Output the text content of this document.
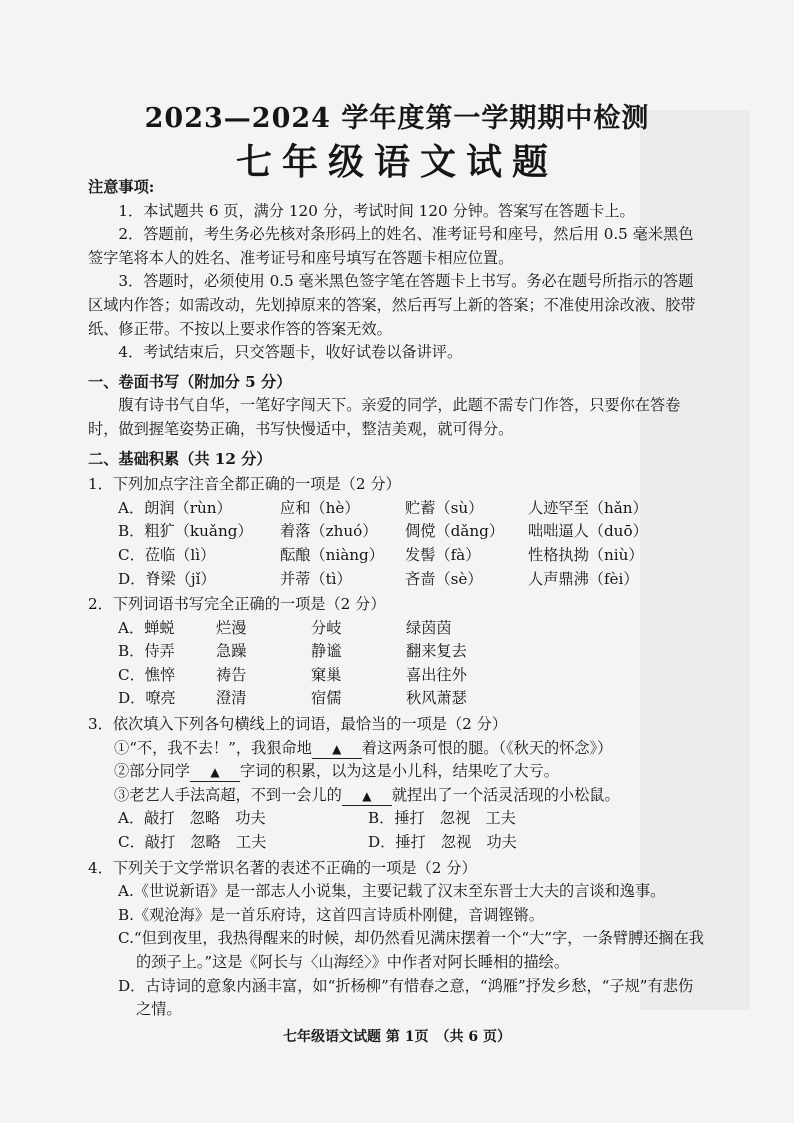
2023—2024 学年度第一学期期中检测
七年级语文试题

注意事项:

1．本试题共 6 页，满分 120 分，考试时间 120 分钟。答案写在答题卡上。

2．答题前，考生务必先核对条形码上的姓名、准考证号和座号，然后用 0.5 毫米黑色签字笔将本人的姓名、准考证号和座号填写在答题卡相应位置。

3．答题时，必须使用 0.5 毫米黑色签字笔在答题卡上书写。务必在题号所指示的答题区域内作答；如需改动，先划掉原来的答案，然后再写上新的答案；不准使用涂改液、胶带纸、修正带。不按以上要求作答的答案无效。

4．考试结束后，只交答题卡，收好试卷以备讲评。

一、卷面书写（附加分 5 分）

腹有诗书气自华，一笔好字闯天下。亲爱的同学，此题不需专门作答，只要你在答卷时，做到握笔姿势正确，书写快慢适中，整洁美观，就可得分。

二、基础积累（共 12 分）

1．下列加点字注音全都正确的一项是（2 分）

A．朗润（rùn）	应和（hè）	贮蓄（sù）	人迹罕至（hǎn）
B．粗犷（kuǎng）	着落（zhuó）	倜傥（dǎng）	咄咄逼人（duō）
C．莅临（lì）	酝酿（niàng）	发髻（fà）	性格执拗（niù）
D．脊梁（jǐ）	并蒂（tì）	吝啬（sè）	人声鼎沸（fèi）

2．下列词语书写完全正确的一项是（2 分）

A．蝉蜕	烂漫	分岐	绿茵茵
B．侍弄	急躁	静谧	翻来复去
C．憔悴	祷告	窠巢	喜出往外
D．嘹亮	澄清	宿儒	秋风萧瑟

3．依次填入下列各句横线上的词语，最恰当的一项是（2 分）

①“不，我不去！”，我狠命地 ▲ 着这两条可恨的腿。（《秋天的怀念》）

②部分同学 ▲ 字词的积累，以为这是小儿科，结果吃了大亏。

③老艺人手法高超，不到一会儿的 ▲ 就捏出了一个活灵活现的小松鼠。

A．敲打　忽略　功夫	B．捶打　忽视　工夫
C．敲打　忽略　工夫	D．捶打　忽视　功夫

4．下列关于文学常识名著的表述不正确的一项是（2 分）

A.《世说新语》是一部志人小说集，主要记载了汉末至东晋士大夫的言谈和逸事。

B.《观沧海》是一首乐府诗，这首四言诗质朴刚健，音调铿锵。

C.“但到夜里，我热得醒来的时候，却仍然看见满床摆着一个“大”字，一条臂膊还搁在我的颈子上。”这是《阿长与〈山海经〉》中作者对阿长睡相的描绘。

D．古诗词的意象内涵丰富，如“折杨柳”有惜春之意，“鸿雁”抒发乡愁，“子规”有悲伤之情。

七年级语文试题 第 1页　（共 6 页）
